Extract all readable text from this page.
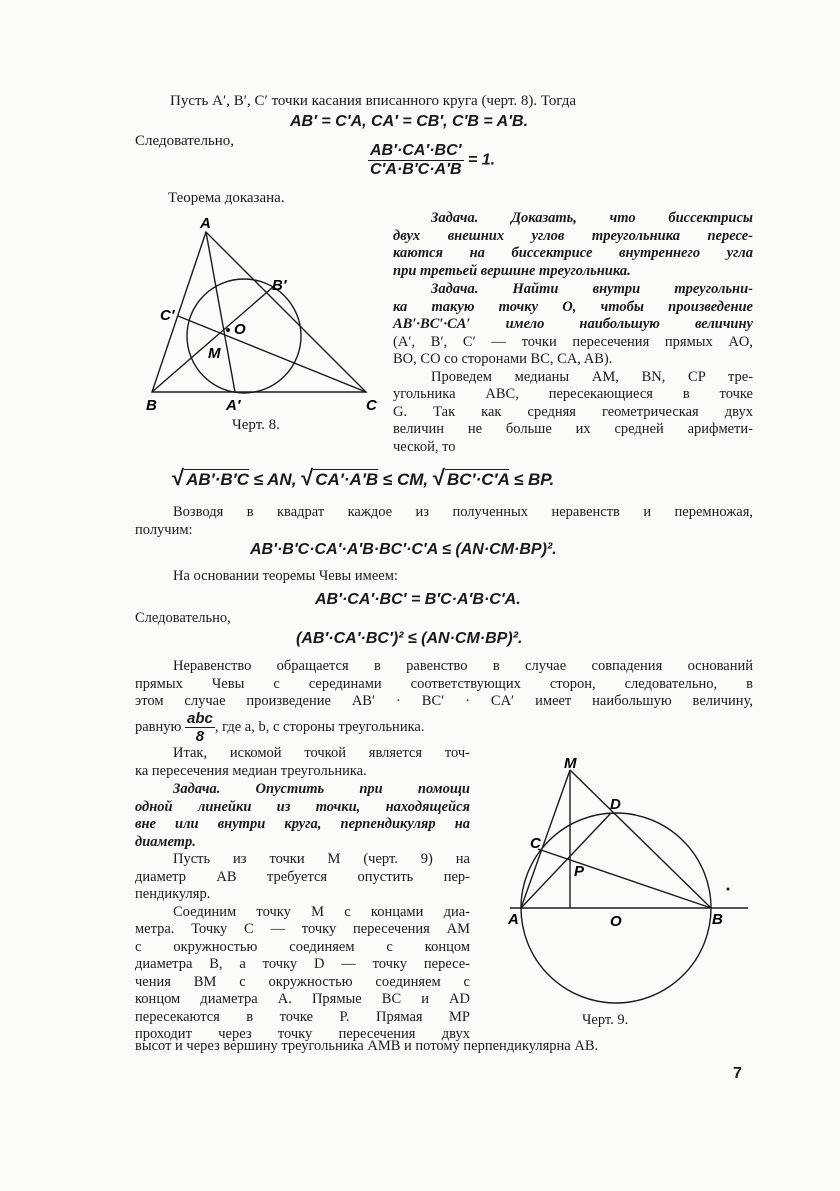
Пусть A′, B′, C′ точки касания вписанного круга (черт. 8). Тогда
AB′ = C′A, CA′ = CB′, C′B = A′B.
Следовательно,
$\frac{AB'\cdot CA'\cdot BC'}{C'A\cdot B'C\cdot A'B} = 1$.
Теорема доказана.
A
B′
C′
O
M
B	A′	C
Черт. 8.
Задача. Доказать, что биссектрисы
двух внешних углов треугольника пересе-
каются на биссектрисе внутреннего угла
при третьей вершине треугольника.
Задача. Найти внутри треугольни-
ка такую точку O, чтобы произведение
AB′·BC′·CA′ имело наибольшую величину
(A′, B′, C′ — точки пересечения прямых AO,
BO, CO со сторонами BC, CA, AB).
Проведем медианы AM, BN, CP тре-
угольника ABC, пересекающиеся в точке
G. Так как средняя геометрическая двух
величин не больше их средней арифмети-
ческой, то
√ AB′·B′C ≤ AN, √ CA′·A′B ≤ CM, √ BC′·C′A ≤ BP.
Возводя в квадрат каждое из полученных неравенств и перемножая,
получим:
AB′·B′C·CA′·A′B·BC′·C′A ≤ (AN·CM·BP)².
На основании теоремы Чевы имеем:
AB′·CA′·BC′ = B′C·A′B·C′A.
Следовательно,
(AB′·CA′·BC′)² ≤ (AN·CM·BP)².
Неравенство обращается в равенство в случае совпадения оснований
прямых Чевы с серединами соответствующих сторон, следовательно, в
этом случае произведение AB′ · BC′ · CA′ имеет наибольшую величину,
равную $\frac{\text{abc}}{8}$ , где a, b, c стороны треугольника.
Итак, искомой точкой является точ-
ка пересечения медиан треугольника.
Задача. Опустить при помощи
одной линейки из точки, находящейся
вне или внутри круга, перпендикуляр на
диаметр.
Пусть из точки M (черт. 9) на
диаметр AB требуется опустить пер-
пендикуляр.
Соединим точку M с концами диа-
метра. Точку C — точку пересечения AM
с окружностью соединяем с концом
диаметра B, а точку D — точку пересе-
чения BM с окружностью соединяем с
концом диаметра A. Прямые BC и AD
пересекаются в точке P. Прямая MP
проходит через точку пересечения двух
M
D
C
P
A	O	B
Черт. 9.
высот и через вершину треугольника AMB и потому перпендикулярна AB.
7
